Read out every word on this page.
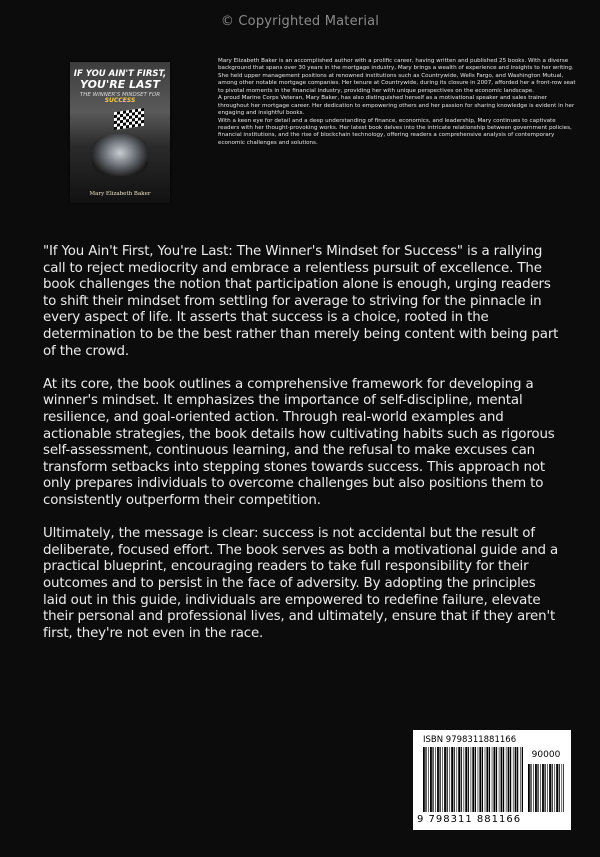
© Copyrighted Material
IF YOU AIN'T FIRST,
YOU'RE LAST
THE WINNER'S MINDSET FOR
SUCCESS
Mary Elizabeth Baker

Mary Elizabeth Baker is an accomplished author with a prolific career, having written and published 25 books. With a diverse background that spans over 30 years in the mortgage industry, Mary brings a wealth of experience and insights to her writing. She held upper management positions at renowned institutions such as Countrywide, Wells Fargo, and Washington Mutual, among other notable mortgage companies. Her tenure at Countrywide, during its closure in 2007, afforded her a front-row seat to pivotal moments in the financial industry, providing her with unique perspectives on the economic landscape.

A proud Marine Corps Veteran, Mary Baker, has also distinguished herself as a motivational speaker and sales trainer throughout her mortgage career. Her dedication to empowering others and her passion for sharing knowledge is evident in her engaging and insightful books.

With a keen eye for detail and a deep understanding of finance, economics, and leadership, Mary continues to captivate readers with her thought-provoking works. Her latest book delves into the intricate relationship between government policies, financial institutions, and the rise of blockchain technology, offering readers a comprehensive analysis of contemporary economic challenges and solutions.

"If You Ain't First, You're Last: The Winner's Mindset for Success" is a rallying call to reject mediocrity and embrace a relentless pursuit of excellence. The book challenges the notion that participation alone is enough, urging readers to shift their mindset from settling for average to striving for the pinnacle in every aspect of life. It asserts that success is a choice, rooted in the determination to be the best rather than merely being content with being part of the crowd.

At its core, the book outlines a comprehensive framework for developing a winner's mindset. It emphasizes the importance of self-discipline, mental resilience, and goal-oriented action. Through real-world examples and actionable strategies, the book details how cultivating habits such as rigorous self-assessment, continuous learning, and the refusal to make excuses can transform setbacks into stepping stones towards success. This approach not only prepares individuals to overcome challenges but also positions them to consistently outperform their competition.

Ultimately, the message is clear: success is not accidental but the result of deliberate, focused effort. The book serves as both a motivational guide and a practical blueprint, encouraging readers to take full responsibility for their outcomes and to persist in the face of adversity. By adopting the principles laid out in this guide, individuals are empowered to redefine failure, elevate their personal and professional lives, and ultimately, ensure that if they aren't first, they're not even in the race.

ISBN 9798311881166
90000
9 798311 881166
